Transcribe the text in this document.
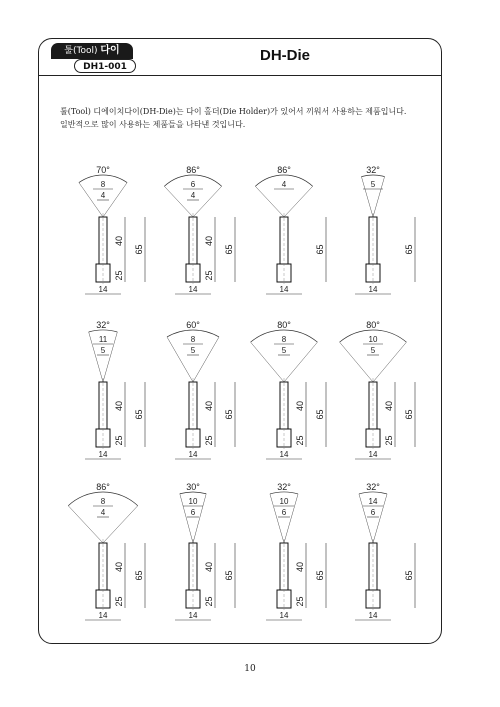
툴(Tool) 다이
DH1-001
DH-Die
툴(Tool) 디에이치다이(DH-Die)는 다이 홀더(Die Holder)가 있어서 끼워서 사용하는 제품입니다.
일반적으로 많이 사용하는 제품들을 나타낸 것입니다.
70°
8
4
65
40
25
14
86°
6
4
65
40
25
14
86°
4
65
14
32°
5
65
14
32°
11
5
65
40
25
14
60°
8
5
65
40
25
14
80°
8
5
65
40
25
14
80°
10
5
65
40
25
14
86°
8
4
65
40
25
14
30°
10
6
65
40
25
14
32°
10
6
65
40
25
14
32°
14
6
65
14
10
